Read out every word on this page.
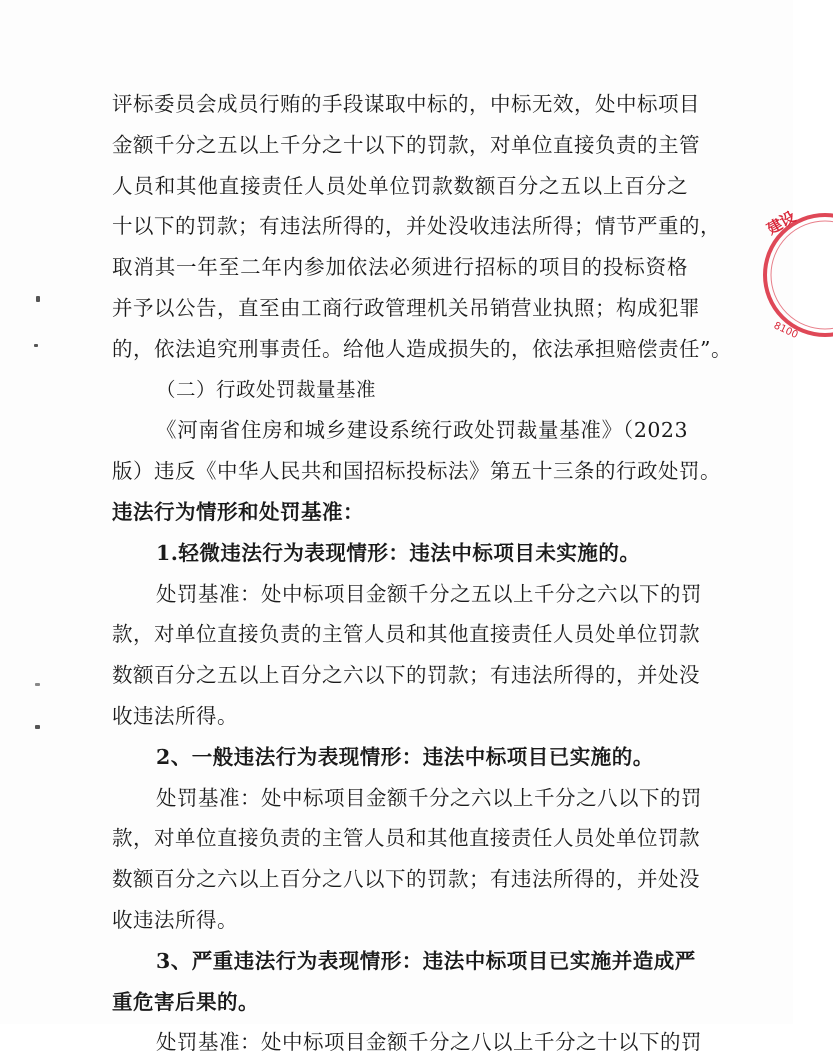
建设
8100
评标委员会成员行贿的手段谋取中标的，中标无效，处中标项目
金额千分之五以上千分之十以下的罚款，对单位直接负责的主管
人员和其他直接责任人员处单位罚款数额百分之五以上百分之
十以下的罚款；有违法所得的，并处没收违法所得；情节严重的，
取消其一年至二年内参加依法必须进行招标的项目的投标资格
并予以公告，直至由工商行政管理机关吊销营业执照；构成犯罪
的，依法追究刑事责任。给他人造成损失的，依法承担赔偿责任”。
（二）行政处罚裁量基准
《河南省住房和城乡建设系统行政处罚裁量基准》（2023
版）违反《中华人民共和国招标投标法》第五十三条的行政处罚。
违法行为情形和处罚基准：
1.轻微违法行为表现情形：违法中标项目未实施的。
处罚基准：处中标项目金额千分之五以上千分之六以下的罚
款，对单位直接负责的主管人员和其他直接责任人员处单位罚款
数额百分之五以上百分之六以下的罚款；有违法所得的，并处没
收违法所得。
2、一般违法行为表现情形：违法中标项目已实施的。
处罚基准：处中标项目金额千分之六以上千分之八以下的罚
款，对单位直接负责的主管人员和其他直接责任人员处单位罚款
数额百分之六以上百分之八以下的罚款；有违法所得的，并处没
收违法所得。
3、严重违法行为表现情形：违法中标项目已实施并造成严
重危害后果的。
处罚基准：处中标项目金额千分之八以上千分之十以下的罚
